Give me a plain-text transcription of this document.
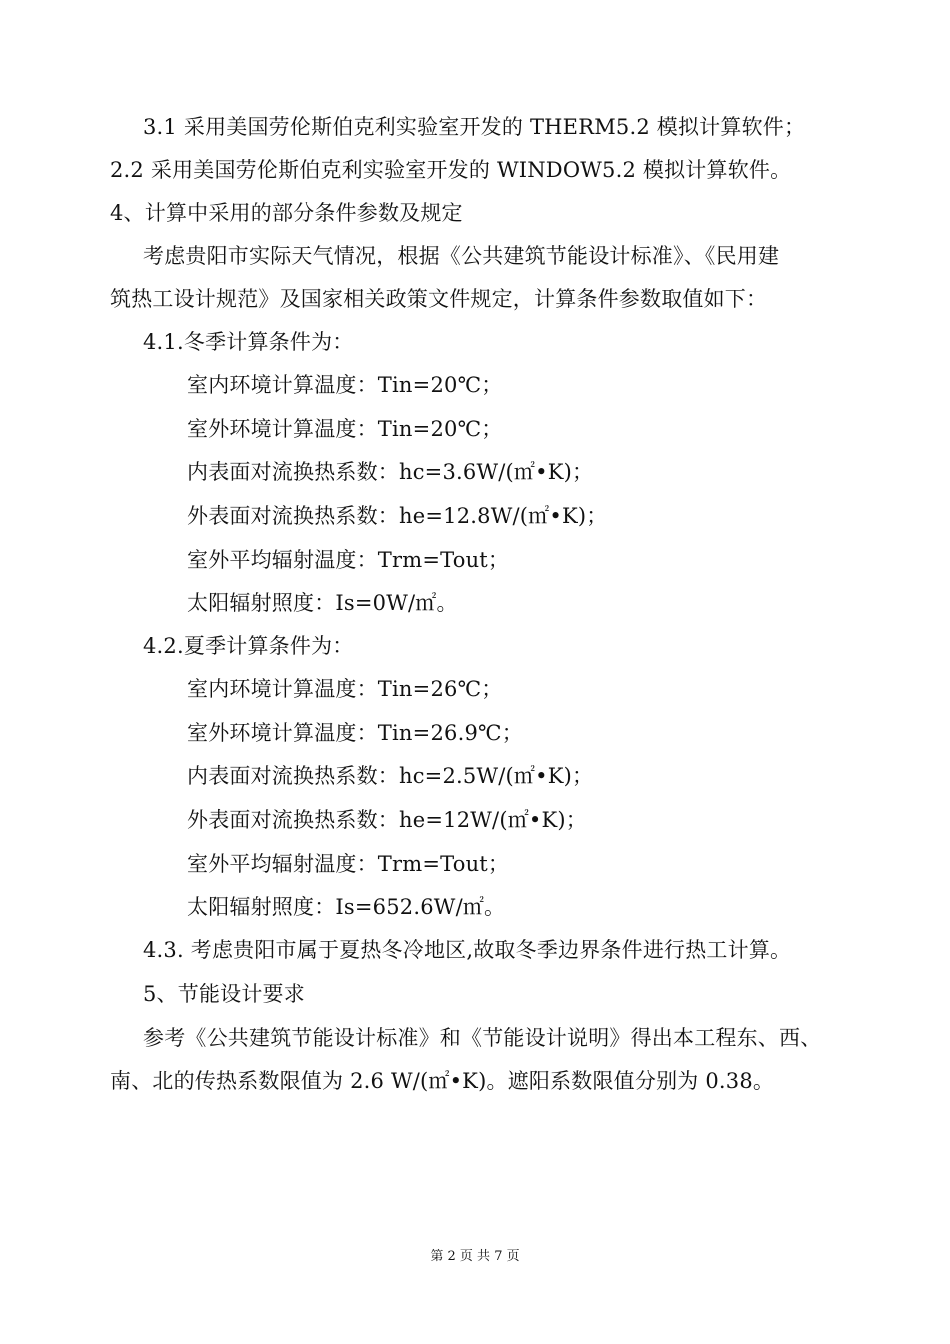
3.1 采用美国劳伦斯伯克利实验室开发的 THERM5.2 模拟计算软件；
2.2 采用美国劳伦斯伯克利实验室开发的 WINDOW5.2 模拟计算软件。
4、计算中采用的部分条件参数及规定
考虑贵阳市实际天气情况，根据《公共建筑节能设计标准》、《民用建
筑热工设计规范》及国家相关政策文件规定，计算条件参数取值如下：
4.1.冬季计算条件为：
室内环境计算温度：Tin=20℃；
室外环境计算温度：Tin=20℃；
内表面对流换热系数：hc=3.6W/(㎡•K)；
外表面对流换热系数：he=12.8W/(㎡•K)；
室外平均辐射温度：Trm=Tout；
太阳辐射照度：Is=0W/㎡。
4.2.夏季计算条件为：
室内环境计算温度：Tin=26℃；
室外环境计算温度：Tin=26.9℃；
内表面对流换热系数：hc=2.5W/(㎡•K)；
外表面对流换热系数：he=12W/(㎡•K)；
室外平均辐射温度：Trm=Tout；
太阳辐射照度：Is=652.6W/㎡。
4.3. 考虑贵阳市属于夏热冬冷地区,故取冬季边界条件进行热工计算。
5、节能设计要求
参考《公共建筑节能设计标准》和《节能设计说明》得出本工程东、西、
南、北的传热系数限值为 2.6 W/(㎡•K)。遮阳系数限值分别为 0.38。
第 2 页 共 7 页
